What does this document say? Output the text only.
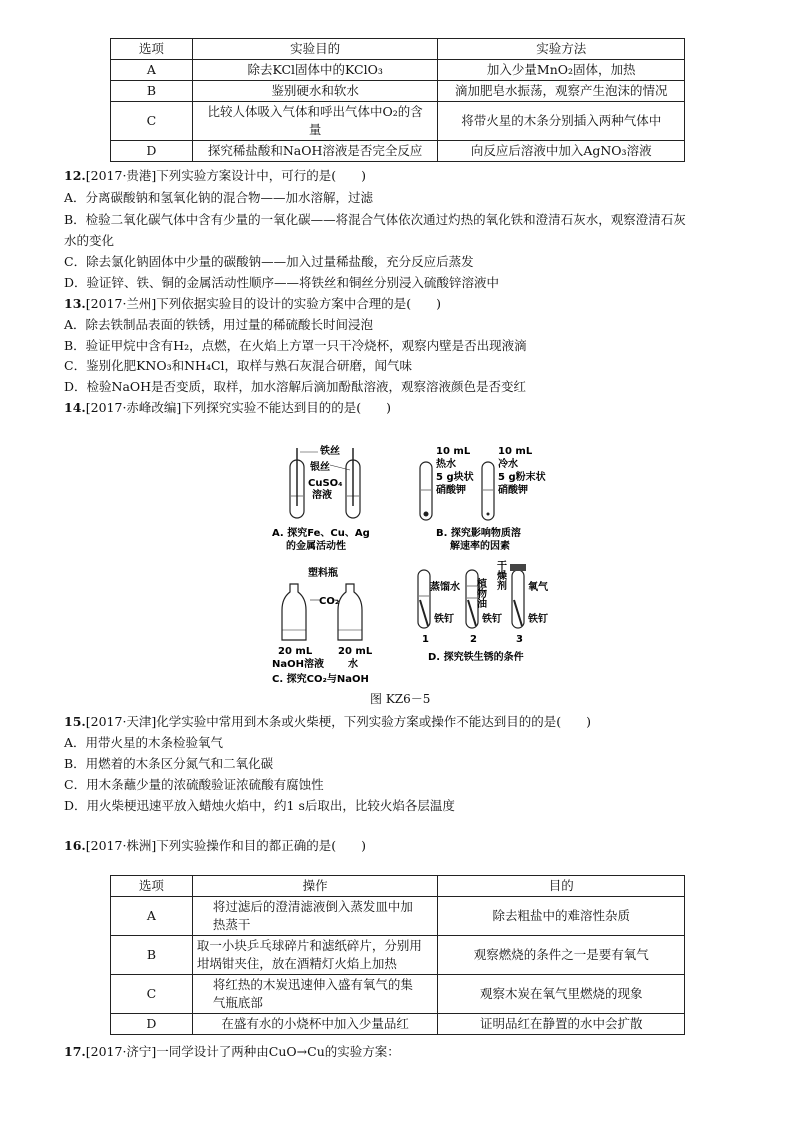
选项	实验目的	实验方法
A	除去KCl固体中的KClO₃	加入少量MnO₂固体，加热
B	鉴别硬水和软水	滴加肥皂水振荡，观察产生泡沫的情况
C	比较人体吸入气体和呼出气体中O₂的含量	将带火星的木条分别插入两种气体中
D	探究稀盐酸和NaOH溶液是否完全反应	向反应后溶液中加入AgNO₃溶液
12.[2017·贵港]下列实验方案设计中，可行的是(　　)
A．分离碳酸钠和氢氧化钠的混合物——加水溶解，过滤
B．检验二氧化碳气体中含有少量的一氧化碳——将混合气体依次通过灼热的氧化铁和澄清石灰水，观察澄清石灰
水的变化
C．除去氯化钠固体中少量的碳酸钠——加入过量稀盐酸，充分反应后蒸发
D．验证锌、铁、铜的金属活动性顺序——将铁丝和铜丝分别浸入硫酸锌溶液中
13.[2017·兰州]下列依据实验目的设计的实验方案中合理的是(　　)
A．除去铁制品表面的铁锈，用过量的稀硫酸长时间浸泡
B．验证甲烷中含有H₂，点燃，在火焰上方罩一只干冷烧杯，观察内壁是否出现液滴
C．鉴别化肥KNO₃和NH₄Cl，取样与熟石灰混合研磨，闻气味
D．检验NaOH是否变质，取样，加水溶解后滴加酚酞溶液，观察溶液颜色是否变红
14.[2017·赤峰改编]下列探究实验不能达到目的的是(　　)
铁丝
银丝
CuSO₄
溶液
A. 探究Fe、Cu、Ag
的金属活动性
10 mL
热水
5 g块状
硝酸钾
10 mL
冷水
5 g粉末状
硝酸钾
B. 探究影响物质溶
解速率的因素
塑料瓶
CO₂
20 mL
NaOH溶液
20 mL
水
C. 探究CO₂与NaOH
蒸馏水 植物油
干燥剂 氧气
铁钉	铁钉	铁钉
1	2	3
D. 探究铁生锈的条件
图 KZ6－5
15.[2017·天津]化学实验中常用到木条或火柴梗，下列实验方案或操作不能达到目的的是(　　)
A．用带火星的木条检验氧气
B．用燃着的木条区分氮气和二氧化碳
C．用木条蘸少量的浓硫酸验证浓硫酸有腐蚀性
D．用火柴梗迅速平放入蜡烛火焰中，约1 s后取出，比较火焰各层温度
16.[2017·株洲]下列实验操作和目的都正确的是(　　)
选项	操作	目的
A	将过滤后的澄清滤液倒入蒸发皿中加热蒸干	除去粗盐中的难溶性杂质
B	取一小块乒乓球碎片和滤纸碎片，分别用坩埚钳夹住，放在酒精灯火焰上加热	观察燃烧的条件之一是要有氧气
C	将红热的木炭迅速伸入盛有氧气的集气瓶底部	观察木炭在氧气里燃烧的现象
D	在盛有水的小烧杯中加入少量品红	证明品红在静置的水中会扩散
17.[2017·济宁]一同学设计了两种由CuO→Cu的实验方案：
